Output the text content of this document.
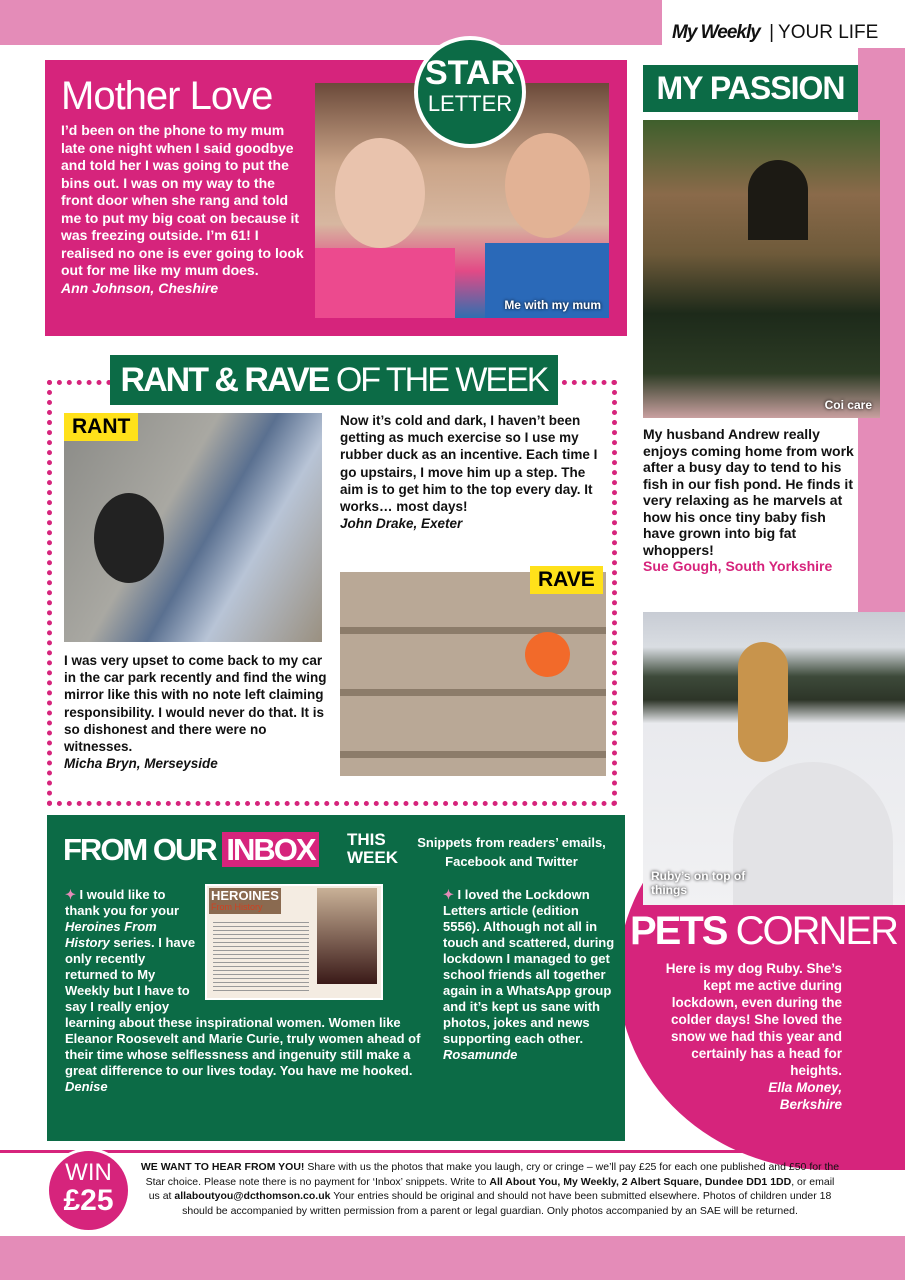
My Weekly | YOUR LIFE
Mother Love
I’d been on the phone to my mum late one night when I said goodbye and told her I was going to put the bins out. I was on my way to the front door when she rang and told me to put my big coat on because it was freezing outside. I’m 61! I realised no one is ever going to look out for me like my mum does.
Ann Johnson, Cheshire
Me with my mum
STAR
LETTER	MY PASSION
Coi care
My husband Andrew really enjoys coming home from work after a busy day to tend to his fish in our fish pond. He finds it very relaxing as he marvels at how his once tiny baby fish have grown into big fat whoppers!
Sue Gough, South Yorkshire
Ruby’s on top of things
PETS CORNER
Here is my dog Ruby. She’s kept me active during lockdown, even during the colder days! She loved the snow we had this year and certainly has a head for heights.
Ella Money,
Berkshire
RANT & RAVE OF THE WEEK
RANT
I was very upset to come back to my car in the car park recently and find the wing mirror like this with no note left claiming responsibility. I would never do that. It is so dishonest and there were no witnesses.
Micha Bryn, Merseyside
Now it’s cold and dark, I haven’t been getting as much exercise so I use my rubber duck as an incentive. Each time I go upstairs, I move him up a step. The aim is to get him to the top every day. It works… most days!
John Drake, Exeter
RAVE
FROM OUR INBOX THIS
WEEK
Snippets from readers’ emails, Facebook and Twitter
HEROINES
From History
✦ I would like to thank you for your Heroines From History series. I have only recently returned to My Weekly but I have to say I really enjoy learning about these inspirational women. Women like Eleanor Roosevelt and Marie Curie, truly women ahead of their time whose selflessness and ingenuity still make a great difference to our lives today. You have me hooked.
Denise
✦ I loved the Lockdown Letters article (edition 5556). Although not all in touch and scattered, during lockdown I managed to get school friends all together again in a WhatsApp group and it’s kept us sane with photos, jokes and news supporting each other.
Rosamunde
WIN
£25
WE WANT TO HEAR FROM YOU! Share with us the photos that make you laugh, cry or cringe – we’ll pay £25 for each one published and £50 for the Star choice. Please note there is no payment for ‘Inbox’ snippets. Write to All About You, My Weekly, 2 Albert Square, Dundee DD1 1DD, or email us at allaboutyou@dcthomson.co.uk Your entries should be original and should not have been submitted elsewhere. Photos of children under 18 should be accompanied by written permission from a parent or legal guardian. Only photos accompanied by an SAE will be returned.
